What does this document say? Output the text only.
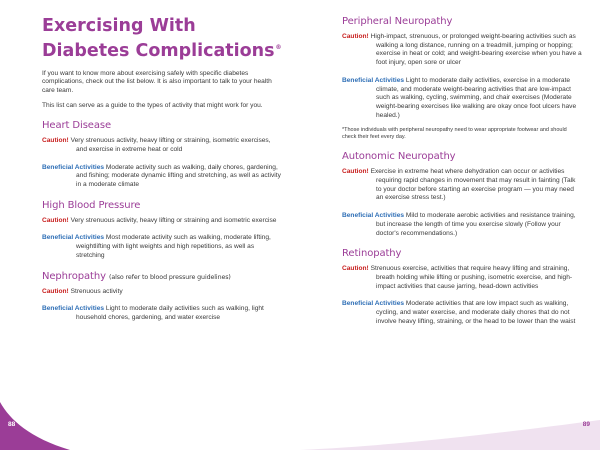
Exercising With Diabetes Complications®

If you want to know more about exercising safely with specific diabetes complications, check out the list below. It is also important to talk to your health care team.

This list can serve as a guide to the types of activity that might work for you.

Heart Disease

Caution! Very strenuous activity, heavy lifting or straining, isometric exercises, and exercise in extreme heat or cold

Beneficial Activities Moderate activity such as walking, daily chores, gardening, and fishing; moderate dynamic lifting and stretching, as well as activity in a moderate climate

High Blood Pressure

Caution! Very strenuous activity, heavy lifting or straining and isometric exercise

Beneficial Activities Most moderate activity such as walking, moderate lifting, weightlifting with light weights and high repetitions, as well as stretching

Nephropathy (also refer to blood pressure guidelines)

Caution! Strenuous activity

Beneficial Activities Light to moderate daily activities such as walking, light household chores, gardening, and water exercise

88
Peripheral Neuropathy

Caution! High-impact, strenuous, or prolonged weight-bearing activities such as walking a long distance, running on a treadmill, jumping or hopping; exercise in heat or cold; and weight-bearing exercise when you have a foot injury, open sore or ulcer

Beneficial Activities Light to moderate daily activities, exercise in a moderate climate, and moderate weight-bearing activities that are low-impact such as walking, cycling, swimming, and chair exercises (Moderate weight-bearing exercises like walking are okay once foot ulcers have healed.)

*Those individuals with peripheral neuropathy need to wear appropriate footwear and should check their feet every day.

Autonomic Neuropathy

Caution! Exercise in extreme heat where dehydration can occur or activities requiring rapid changes in movement that may result in fainting (Talk to your doctor before starting an exercise program — you may need an exercise stress test.)

Beneficial Activities Mild to moderate aerobic activities and resistance training, but increase the length of time you exercise slowly (Follow your doctor's recommendations.)

Retinopathy

Caution! Strenuous exercise, activities that require heavy lifting and straining, breath holding while lifting or pushing, isometric exercise, and high-impact activities that cause jarring, head-down activities

Beneficial Activities Moderate activities that are low impact such as walking, cycling, and water exercise, and moderate daily chores that do not involve heavy lifting, straining, or the head to be lower than the waist

89
